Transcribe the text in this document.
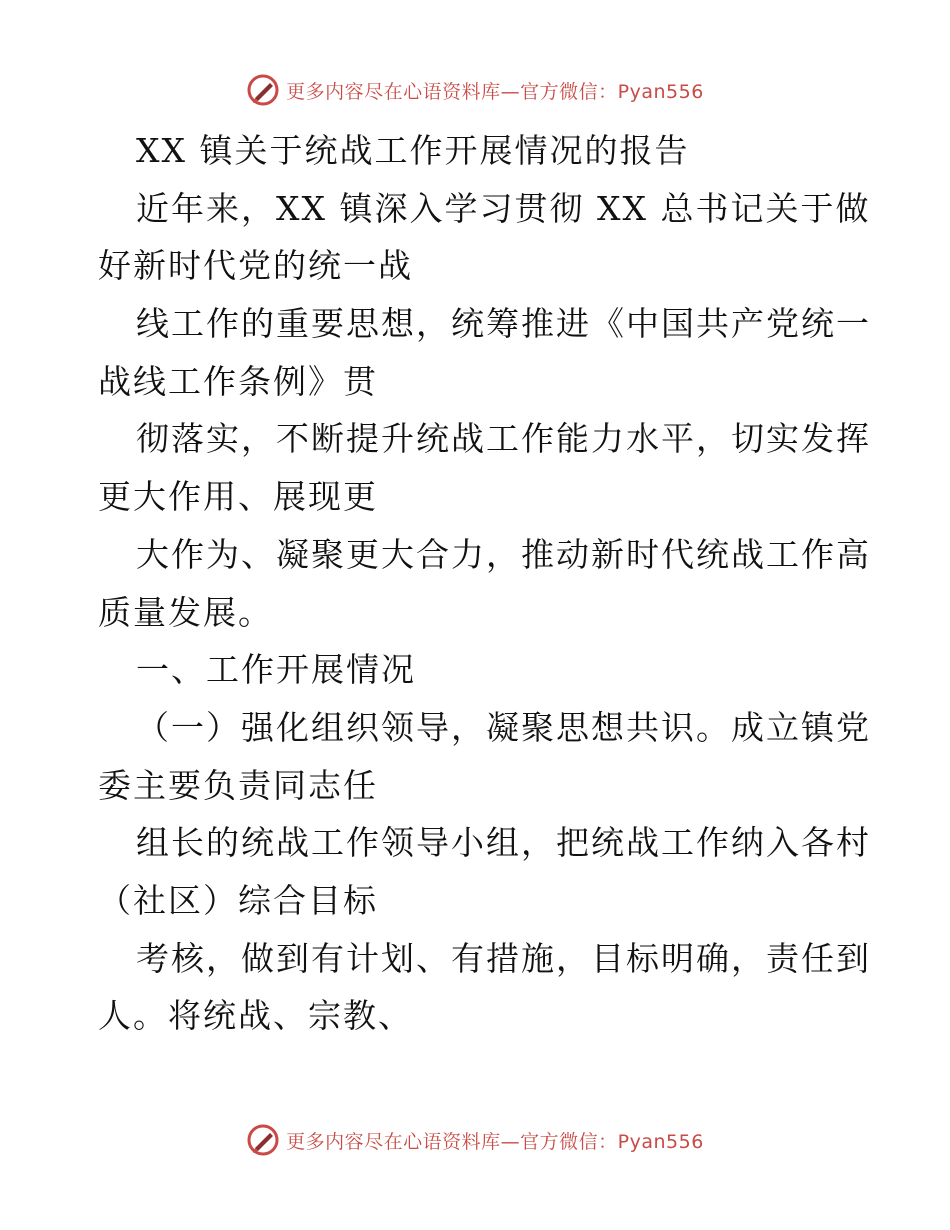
更多内容尽在心语资料库—官方微信：Pyan556
XX 镇关于统战工作开展情况的报告
近年来，XX 镇深入学习贯彻 XX 总书记关于做
好新时代党的统一战
线工作的重要思想，统筹推进《中国共产党统一
战线工作条例》贯
彻落实，不断提升统战工作能力水平，切实发挥
更大作用、展现更
大作为、凝聚更大合力，推动新时代统战工作高
质量发展。
一、工作开展情况
（一）强化组织领导，凝聚思想共识。成立镇党
委主要负责同志任
组长的统战工作领导小组，把统战工作纳入各村
（社区）综合目标
考核，做到有计划、有措施，目标明确，责任到
人。将统战、宗教、
更多内容尽在心语资料库—官方微信：Pyan556
